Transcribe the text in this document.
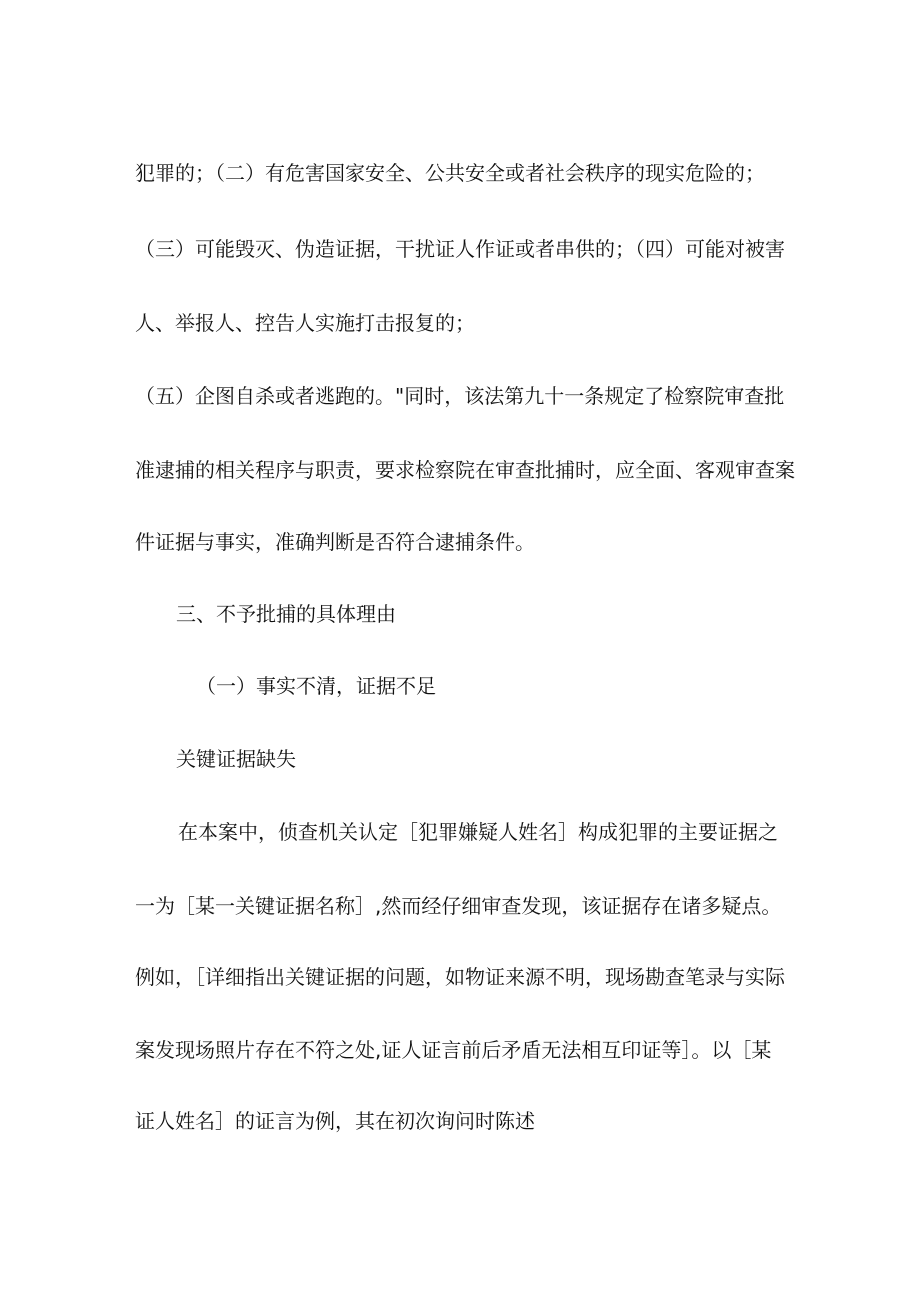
犯罪的；（二）有危害国家安全、公共安全或者社会秩序的现实危险的；
（三）可能毁灭、伪造证据，干扰证人作证或者串供的；（四）可能对被害
人、举报人、控告人实施打击报复的；
（五）企图自杀或者逃跑的。"同时，该法第九十一条规定了检察院审查批
准逮捕的相关程序与职责，要求检察院在审查批捕时，应全面、客观审查案
件证据与事实，准确判断是否符合逮捕条件。
三、不予批捕的具体理由
（一）事实不清，证据不足
关键证据缺失
在本案中，侦查机关认定［犯罪嫌疑人姓名］构成犯罪的主要证据之
一为［某一关键证据名称］,然而经仔细审查发现，该证据存在诸多疑点。
例如，［详细指出关键证据的问题，如物证来源不明，现场勘查笔录与实际
案发现场照片存在不符之处,证人证言前后矛盾无法相互印证等］。以［某
证人姓名］的证言为例，其在初次询问时陈述
